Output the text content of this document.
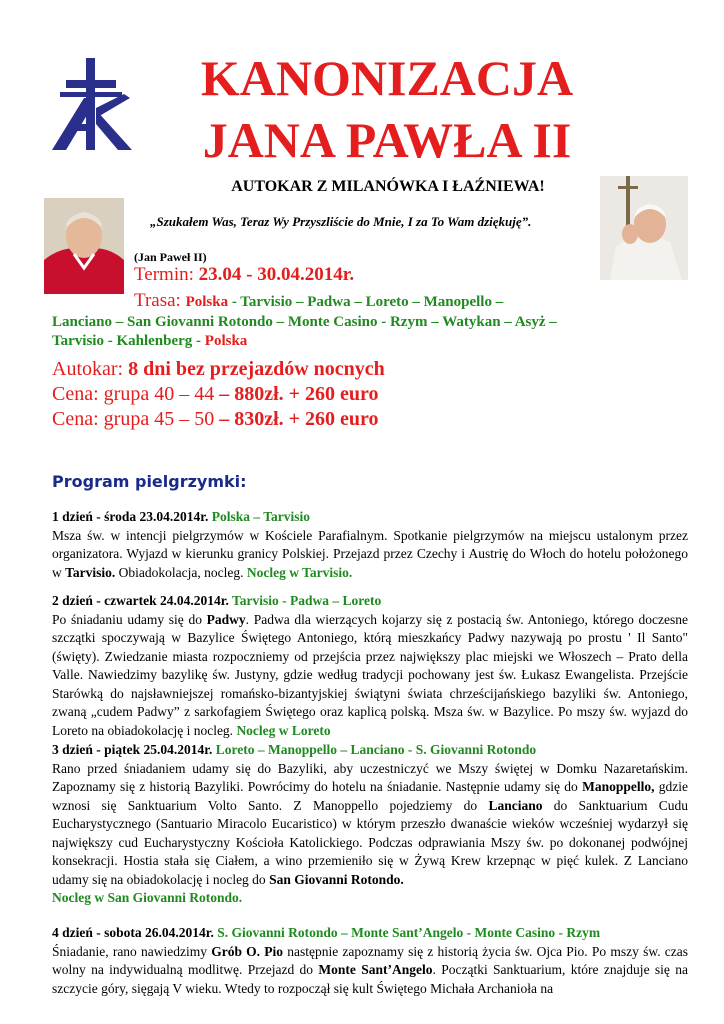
KANONIZACJA
JANA PAWŁA II
AUTOKAR Z MILANÓWKA I ŁAŹNIEWA!
„Szukałem Was, Teraz Wy Przyszliście do Mnie, I za To Wam dziękuję”.
(Jan Paweł II)
Termin: 23.04 - 30.04.2014r.
Trasa: Polska - Tarvisio – Padwa – Loreto – Manopello –
Lanciano – San Giovanni Rotondo – Monte Casino - Rzym – Watykan – Asyż –
Tarvisio - Kahlenberg - Polska
Autokar: 8 dni bez przejazdów nocnych
Cena: grupa 40 – 44 – 880zł. + 260 euro
Cena: grupa 45 – 50 – 830zł. + 260 euro
Program pielgrzymki:

1 dzień - środa 23.04.2014r. Polska – Tarvisio

Msza św. w intencji pielgrzymów w Kościele Parafialnym. Spotkanie pielgrzymów na miejscu ustalonym przez organizatora. Wyjazd w kierunku granicy Polskiej. Przejazd przez Czechy i Austrię do Włoch do hotelu położonego w Tarvisio. Obiadokolacja, nocleg. Nocleg w Tarvisio.

2 dzień - czwartek 24.04.2014r. Tarvisio - Padwa – Loreto

Po śniadaniu udamy się do Padwy. Padwa dla wierzących kojarzy się z postacią św. Antoniego, którego doczesne szczątki spoczywają w Bazylice Świętego Antoniego, którą mieszkańcy Padwy nazywają po prostu ' Il Santo" (święty). Zwiedzanie miasta rozpoczniemy od przejścia przez największy plac miejski we Włoszech – Prato della Valle. Nawiedzimy bazylikę św. Justyny, gdzie według tradycji pochowany jest św. Łukasz Ewangelista. Przejście Starówką do najsławniejszej romańsko-bizantyjskiej świątyni świata chrześcijańskiego bazyliki św. Antoniego, zwaną „cudem Padwy” z sarkofagiem Świętego oraz kaplicą polską. Msza św. w Bazylice. Po mszy św. wyjazd do Loreto na obiadokolację i nocleg. Nocleg w Loreto

3 dzień - piątek 25.04.2014r. Loreto – Manoppello – Lanciano - S. Giovanni Rotondo

Rano przed śniadaniem udamy się do Bazyliki, aby uczestniczyć we Mszy świętej w Domku Nazaretańskim. Zapoznamy się z historią Bazyliki. Powrócimy do hotelu na śniadanie. Następnie udamy się do Manoppello, gdzie wznosi się Sanktuarium Volto Santo. Z Manoppello pojedziemy do Lanciano do Sanktuarium Cudu Eucharystycznego (Santuario Miracolo Eucaristico) w którym przeszło dwanaście wieków wcześniej wydarzył się największy cud Eucharystyczny Kościoła Katolickiego. Podczas odprawiania Mszy św. po dokonanej podwójnej konsekracji. Hostia stała się Ciałem, a wino przemieniło się w Żywą Krew krzepnąc w pięć kulek. Z Lanciano udamy się na obiadokolację i nocleg do San Giovanni Rotondo.

Nocleg w San Giovanni Rotondo.

4 dzień - sobota 26.04.2014r. S. Giovanni Rotondo – Monte Sant’Angelo - Monte Casino - Rzym

Śniadanie, rano nawiedzimy Grób O. Pio następnie zapoznamy się z historią życia św. Ojca Pio. Po mszy św. czas wolny na indywidualną modlitwę. Przejazd do Monte Sant’Angelo. Początki Sanktuarium, które znajduje się na szczycie góry, sięgają V wieku. Wtedy to rozpoczął się kult Świętego Michała Archanioła na
